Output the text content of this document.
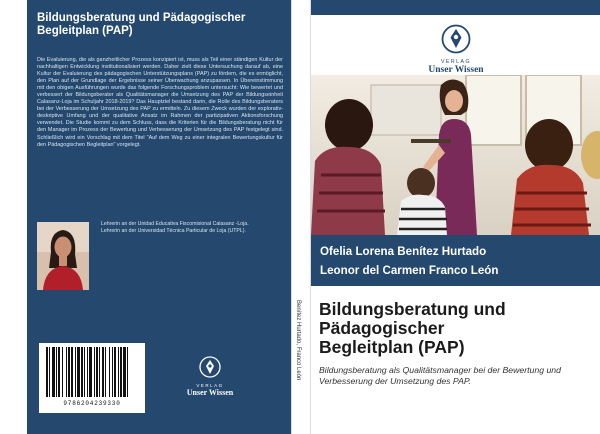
Bildungsberatung und Pädagogischer Begleitplan (PAP)
Die Evaluierung, die als ganzheitlicher Prozess konzipiert ist, muss als Teil einer ständigen Kultur der nachhaltigen Entwicklung institutionalisiert werden. Daher zielt diese Untersuchung darauf ab, eine Kultur der Evaluierung des pädagogischen Unterstützungsplans (PAP) zu fördern, die es ermöglicht, den Plan auf der Grundlage der Ergebnisse seiner Überwachung anzupassen. In Übereinstimmung mit den obigen Ausführungen wurde das folgende Forschungsproblem untersucht: Wie bewertet und verbessert der Bildungsberater als Qualitätsmanager die Umsetzung des PAP der Bildungseinheit Calasanz-Loja im Schuljahr 2018-2019? Das Hauptziel bestand darin, die Rolle des Bildungsberaters bei der Verbesserung der Umsetzung des PAP zu ermitteln. Zu diesem Zweck wurden der explorativ-deskriptive Umfang und der qualitative Ansatz im Rahmen der partizipativen Aktionsforschung verwendet. Die Studie kommt zu dem Schluss, dass die Kriterien für die Bildungsberatung nicht für den Manager im Prozess der Bewertung und Verbesserung der Umsetzung des PAP festgelegt sind. Schließlich wird ein Vorschlag mit dem Titel "Auf dem Weg zu einer integralen Bewertungskultur für den Pädagogischen Begleitplan" vorgelegt.
Lehrerin an der Unidad Educativa Fiscomisional Calasanz -Loja.
Lehrerin an der Universidad Técnica Particular de Loja (UTPL).
9786204239330
VERLAG
Unser Wissen
Benítez Hurtado, Franco León
VERLAG
Unser Wissen
Ofelia Lorena Benítez Hurtado
Leonor del Carmen Franco León
Bildungsberatung und
Pädagogischer
Begleitplan (PAP)
Bildungsberatung als Qualitätsmanager bei der Bewertung und Verbesserung der Umsetzung des PAP.
